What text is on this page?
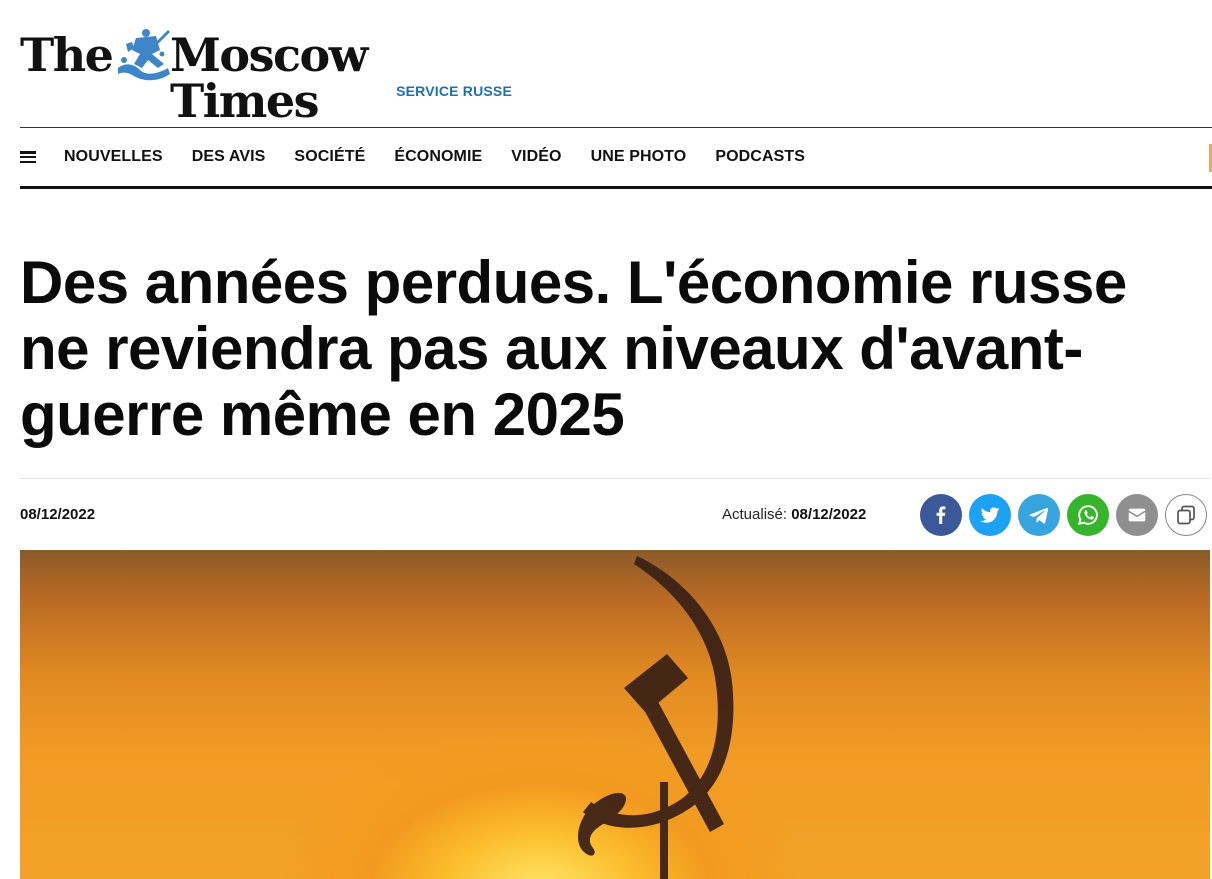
The Moscow Times	SERVICE RUSSE
NOUVELLES DES AVIS SOCIÉTÉ ÉCONOMIE VIDÉO UNE PHOTO PODCASTS
Des années perdues. L'économie russe ne reviendra pas aux niveaux d'avant-guerre même en 2025
08/12/2022	Actualisé: 08/12/2022
